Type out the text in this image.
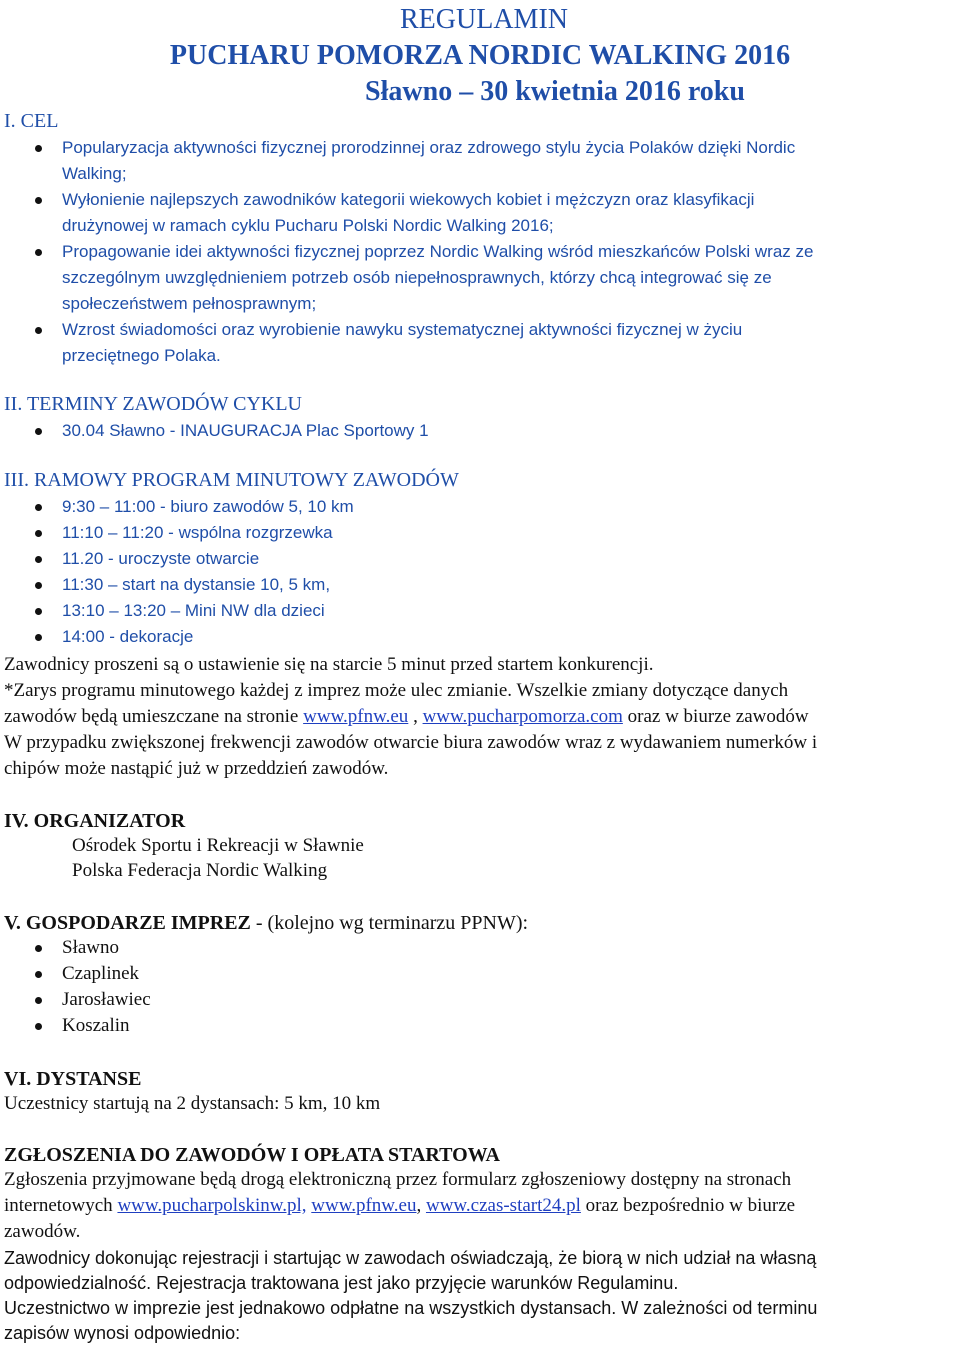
REGULAMIN
PUCHARU POMORZA NORDIC WALKING 2016
Sławno – 30 kwietnia 2016 roku
I. CEL
Popularyzacja aktywności fizycznej prorodzinnej oraz zdrowego stylu życia Polaków dzięki Nordic
Walking;
Wyłonienie najlepszych zawodników kategorii wiekowych kobiet i mężczyzn oraz klasyfikacji
drużynowej w ramach cyklu Pucharu Polski Nordic Walking 2016;
Propagowanie idei aktywności fizycznej poprzez Nordic Walking wśród mieszkańców Polski wraz ze
szczególnym uwzględnieniem potrzeb osób niepełnosprawnych, którzy chcą integrować się ze
społeczeństwem pełnosprawnym;
Wzrost świadomości oraz wyrobienie nawyku systematycznej aktywności fizycznej w życiu
przeciętnego Polaka.
II. TERMINY ZAWODÓW CYKLU
30.04 Sławno - INAUGURACJA Plac Sportowy 1
III. RAMOWY PROGRAM MINUTOWY ZAWODÓW
9:30 – 11:00 - biuro zawodów 5, 10 km
11:10 – 11:20 - wspólna rozgrzewka
11.20 - uroczyste otwarcie
11:30 – start na dystansie 10, 5 km,
13:10 – 13:20 – Mini NW dla dzieci
14:00 - dekoracje
Zawodnicy proszeni są o ustawienie się na starcie 5 minut przed startem konkurencji.
*Zarys programu minutowego każdej z imprez może ulec zmianie. Wszelkie zmiany dotyczące danych
zawodów będą umieszczane na stronie www.pfnw.eu , www.pucharpomorza.com oraz w biurze zawodów
W przypadku zwiększonej frekwencji zawodów otwarcie biura zawodów wraz z wydawaniem numerków i
chipów może nastąpić już w przeddzień zawodów.
IV. ORGANIZATOR
Ośrodek Sportu i Rekreacji w Sławnie
Polska Federacja Nordic Walking
V. GOSPODARZE IMPREZ - (kolejno wg terminarzu PPNW):
Sławno
Czaplinek
Jarosławiec
Koszalin
VI. DYSTANSE
Uczestnicy startują na 2 dystansach: 5 km, 10 km
ZGŁOSZENIA DO ZAWODÓW I OPŁATA STARTOWA
Zgłoszenia przyjmowane będą drogą elektroniczną przez formularz zgłoszeniowy dostępny na stronach
internetowych www.pucharpolskinw.pl, www.pfnw.eu, www.czas-start24.pl oraz bezpośrednio w biurze
zawodów.
Zawodnicy dokonując rejestracji i startując w zawodach oświadczają, że biorą w nich udział na własną
odpowiedzialność. Rejestracja traktowana jest jako przyjęcie warunków Regulaminu.
Uczestnictwo w imprezie jest jednakowo odpłatne na wszystkich dystansach. W zależności od terminu
zapisów wynosi odpowiednio:
